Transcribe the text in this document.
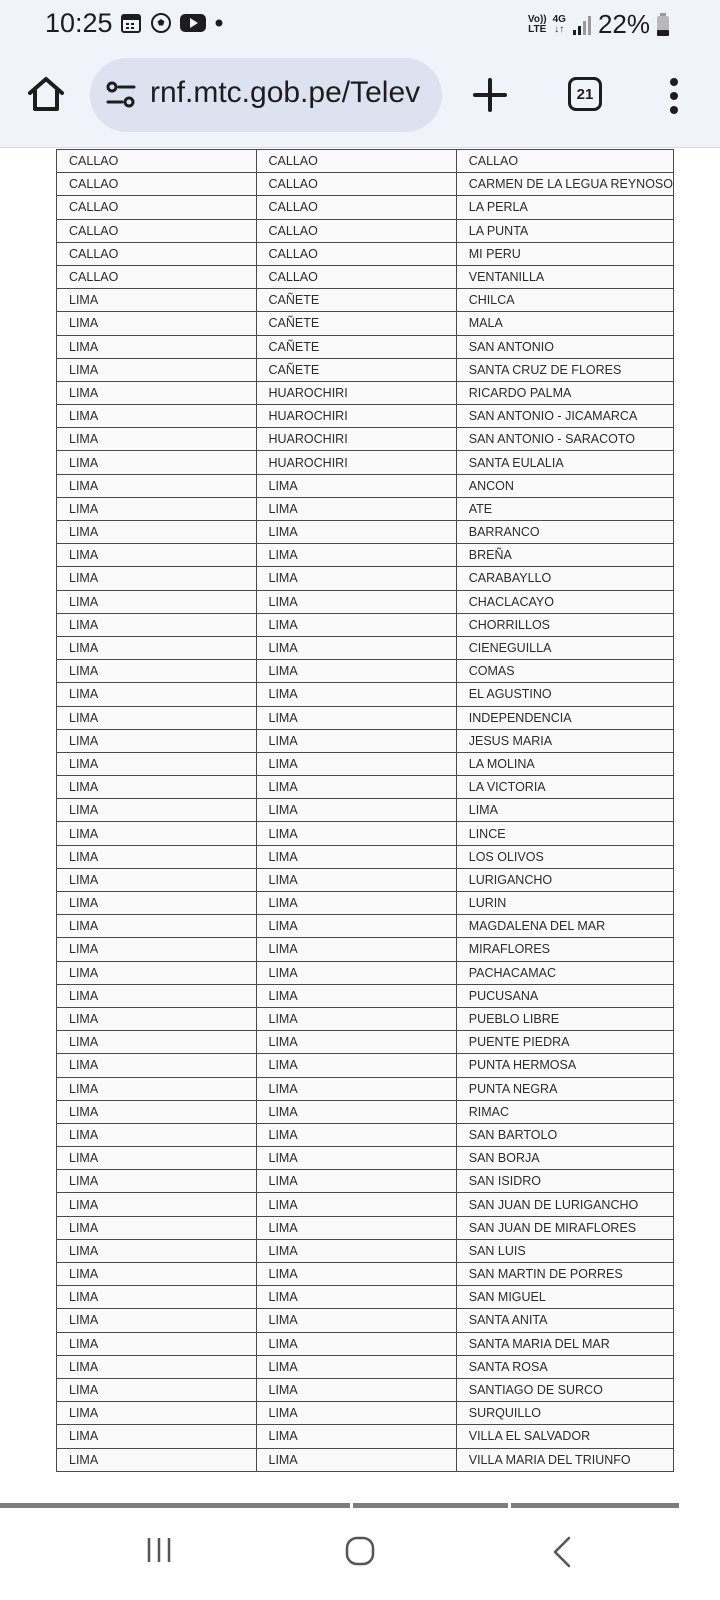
10:25	Vo))
LTE
4G
↓↑ 22%
rnf.mtc.gob.pe/Telev	21
CALLAO	CALLAO	CALLAO
CALLAO	CALLAO	CARMEN DE LA LEGUA REYNOSO
CALLAO	CALLAO	LA PERLA
CALLAO	CALLAO	LA PUNTA
CALLAO	CALLAO	MI PERU
CALLAO	CALLAO	VENTANILLA
LIMA	CAÑETE	CHILCA
LIMA	CAÑETE	MALA
LIMA	CAÑETE	SAN ANTONIO
LIMA	CAÑETE	SANTA CRUZ DE FLORES
LIMA	HUAROCHIRI	RICARDO PALMA
LIMA	HUAROCHIRI	SAN ANTONIO - JICAMARCA
LIMA	HUAROCHIRI	SAN ANTONIO - SARACOTO
LIMA	HUAROCHIRI	SANTA EULALIA
LIMA	LIMA	ANCON
LIMA	LIMA	ATE
LIMA	LIMA	BARRANCO
LIMA	LIMA	BREÑA
LIMA	LIMA	CARABAYLLO
LIMA	LIMA	CHACLACAYO
LIMA	LIMA	CHORRILLOS
LIMA	LIMA	CIENEGUILLA
LIMA	LIMA	COMAS
LIMA	LIMA	EL AGUSTINO
LIMA	LIMA	INDEPENDENCIA
LIMA	LIMA	JESUS MARIA
LIMA	LIMA	LA MOLINA
LIMA	LIMA	LA VICTORIA
LIMA	LIMA	LIMA
LIMA	LIMA	LINCE
LIMA	LIMA	LOS OLIVOS
LIMA	LIMA	LURIGANCHO
LIMA	LIMA	LURIN
LIMA	LIMA	MAGDALENA DEL MAR
LIMA	LIMA	MIRAFLORES
LIMA	LIMA	PACHACAMAC
LIMA	LIMA	PUCUSANA
LIMA	LIMA	PUEBLO LIBRE
LIMA	LIMA	PUENTE PIEDRA
LIMA	LIMA	PUNTA HERMOSA
LIMA	LIMA	PUNTA NEGRA
LIMA	LIMA	RIMAC
LIMA	LIMA	SAN BARTOLO
LIMA	LIMA	SAN BORJA
LIMA	LIMA	SAN ISIDRO
LIMA	LIMA	SAN JUAN DE LURIGANCHO
LIMA	LIMA	SAN JUAN DE MIRAFLORES
LIMA	LIMA	SAN LUIS
LIMA	LIMA	SAN MARTIN DE PORRES
LIMA	LIMA	SAN MIGUEL
LIMA	LIMA	SANTA ANITA
LIMA	LIMA	SANTA MARIA DEL MAR
LIMA	LIMA	SANTA ROSA
LIMA	LIMA	SANTIAGO DE SURCO
LIMA	LIMA	SURQUILLO
LIMA	LIMA	VILLA EL SALVADOR
LIMA	LIMA	VILLA MARIA DEL TRIUNFO
